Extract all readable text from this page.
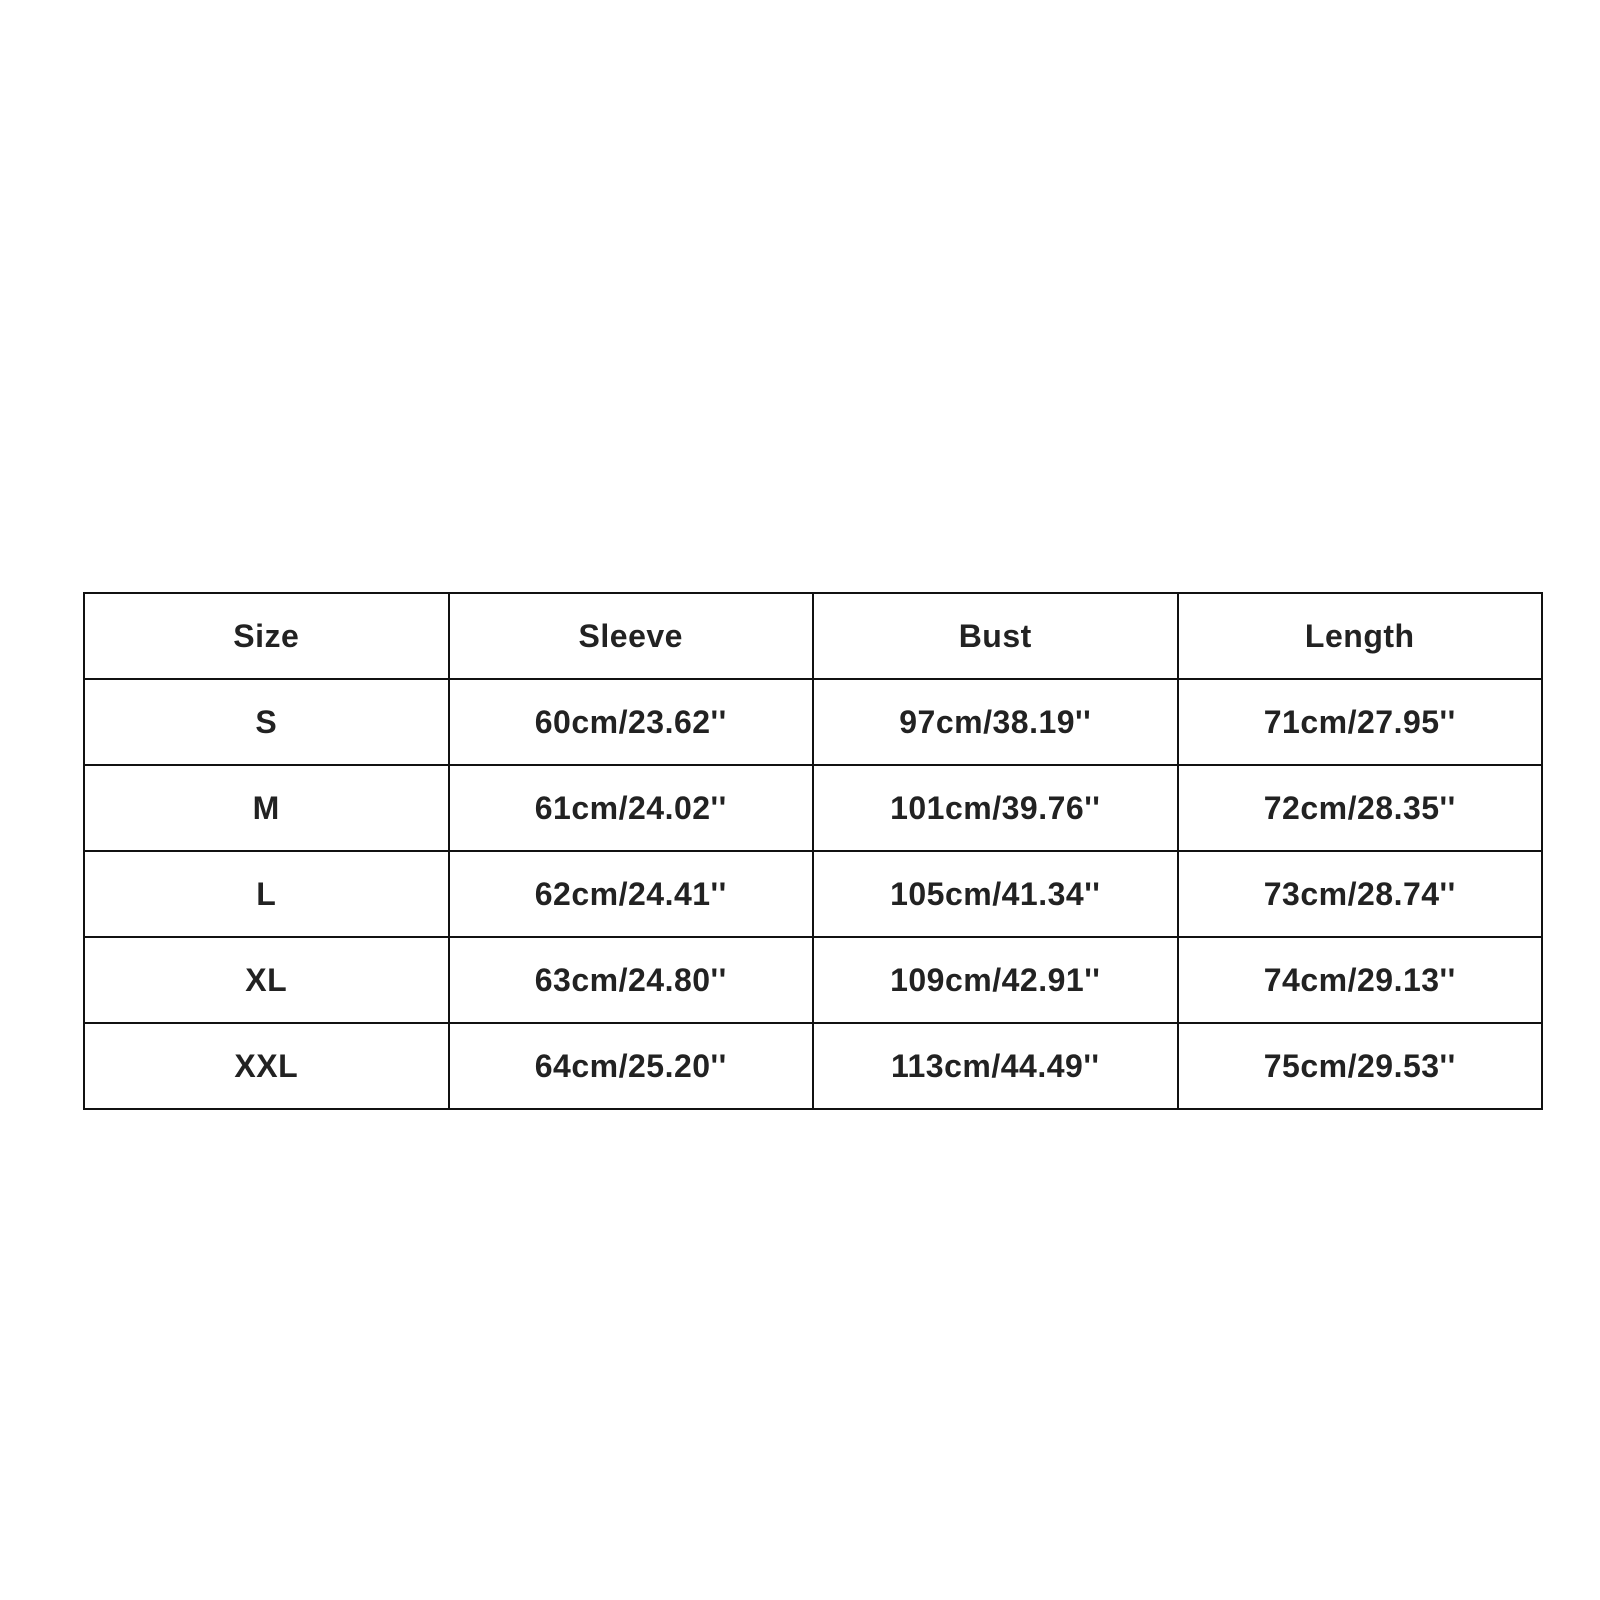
Size	Sleeve	Bust	Length
S	60cm/23.62''	97cm/38.19''	71cm/27.95''
M	61cm/24.02''	101cm/39.76''	72cm/28.35''
L	62cm/24.41''	105cm/41.34''	73cm/28.74''
XL	63cm/24.80''	109cm/42.91''	74cm/29.13''
XXL	64cm/25.20''	113cm/44.49''	75cm/29.53''
